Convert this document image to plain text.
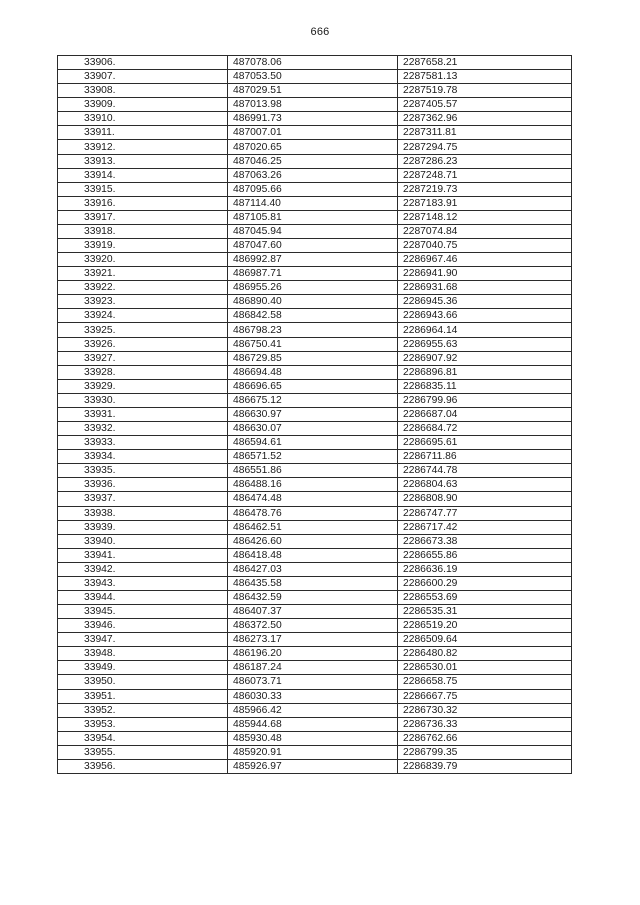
666
33906.	487078.06	2287658.21
33907.	487053.50	2287581.13
33908.	487029.51	2287519.78
33909.	487013.98	2287405.57
33910.	486991.73	2287362.96
33911.	487007.01	2287311.81
33912.	487020.65	2287294.75
33913.	487046.25	2287286.23
33914.	487063.26	2287248.71
33915.	487095.66	2287219.73
33916.	487114.40	2287183.91
33917.	487105.81	2287148.12
33918.	487045.94	2287074.84
33919.	487047.60	2287040.75
33920.	486992.87	2286967.46
33921.	486987.71	2286941.90
33922.	486955.26	2286931.68
33923.	486890.40	2286945.36
33924.	486842.58	2286943.66
33925.	486798.23	2286964.14
33926.	486750.41	2286955.63
33927.	486729.85	2286907.92
33928.	486694.48	2286896.81
33929.	486696.65	2286835.11
33930.	486675.12	2286799.96
33931.	486630.97	2286687.04
33932.	486630.07	2286684.72
33933.	486594.61	2286695.61
33934.	486571.52	2286711.86
33935.	486551.86	2286744.78
33936.	486488.16	2286804.63
33937.	486474.48	2286808.90
33938.	486478.76	2286747.77
33939.	486462.51	2286717.42
33940.	486426.60	2286673.38
33941.	486418.48	2286655.86
33942.	486427.03	2286636.19
33943.	486435.58	2286600.29
33944.	486432.59	2286553.69
33945.	486407.37	2286535.31
33946.	486372.50	2286519.20
33947.	486273.17	2286509.64
33948.	486196.20	2286480.82
33949.	486187.24	2286530.01
33950.	486073.71	2286658.75
33951.	486030.33	2286667.75
33952.	485966.42	2286730.32
33953.	485944.68	2286736.33
33954.	485930.48	2286762.66
33955.	485920.91	2286799.35
33956.	485926.97	2286839.79
